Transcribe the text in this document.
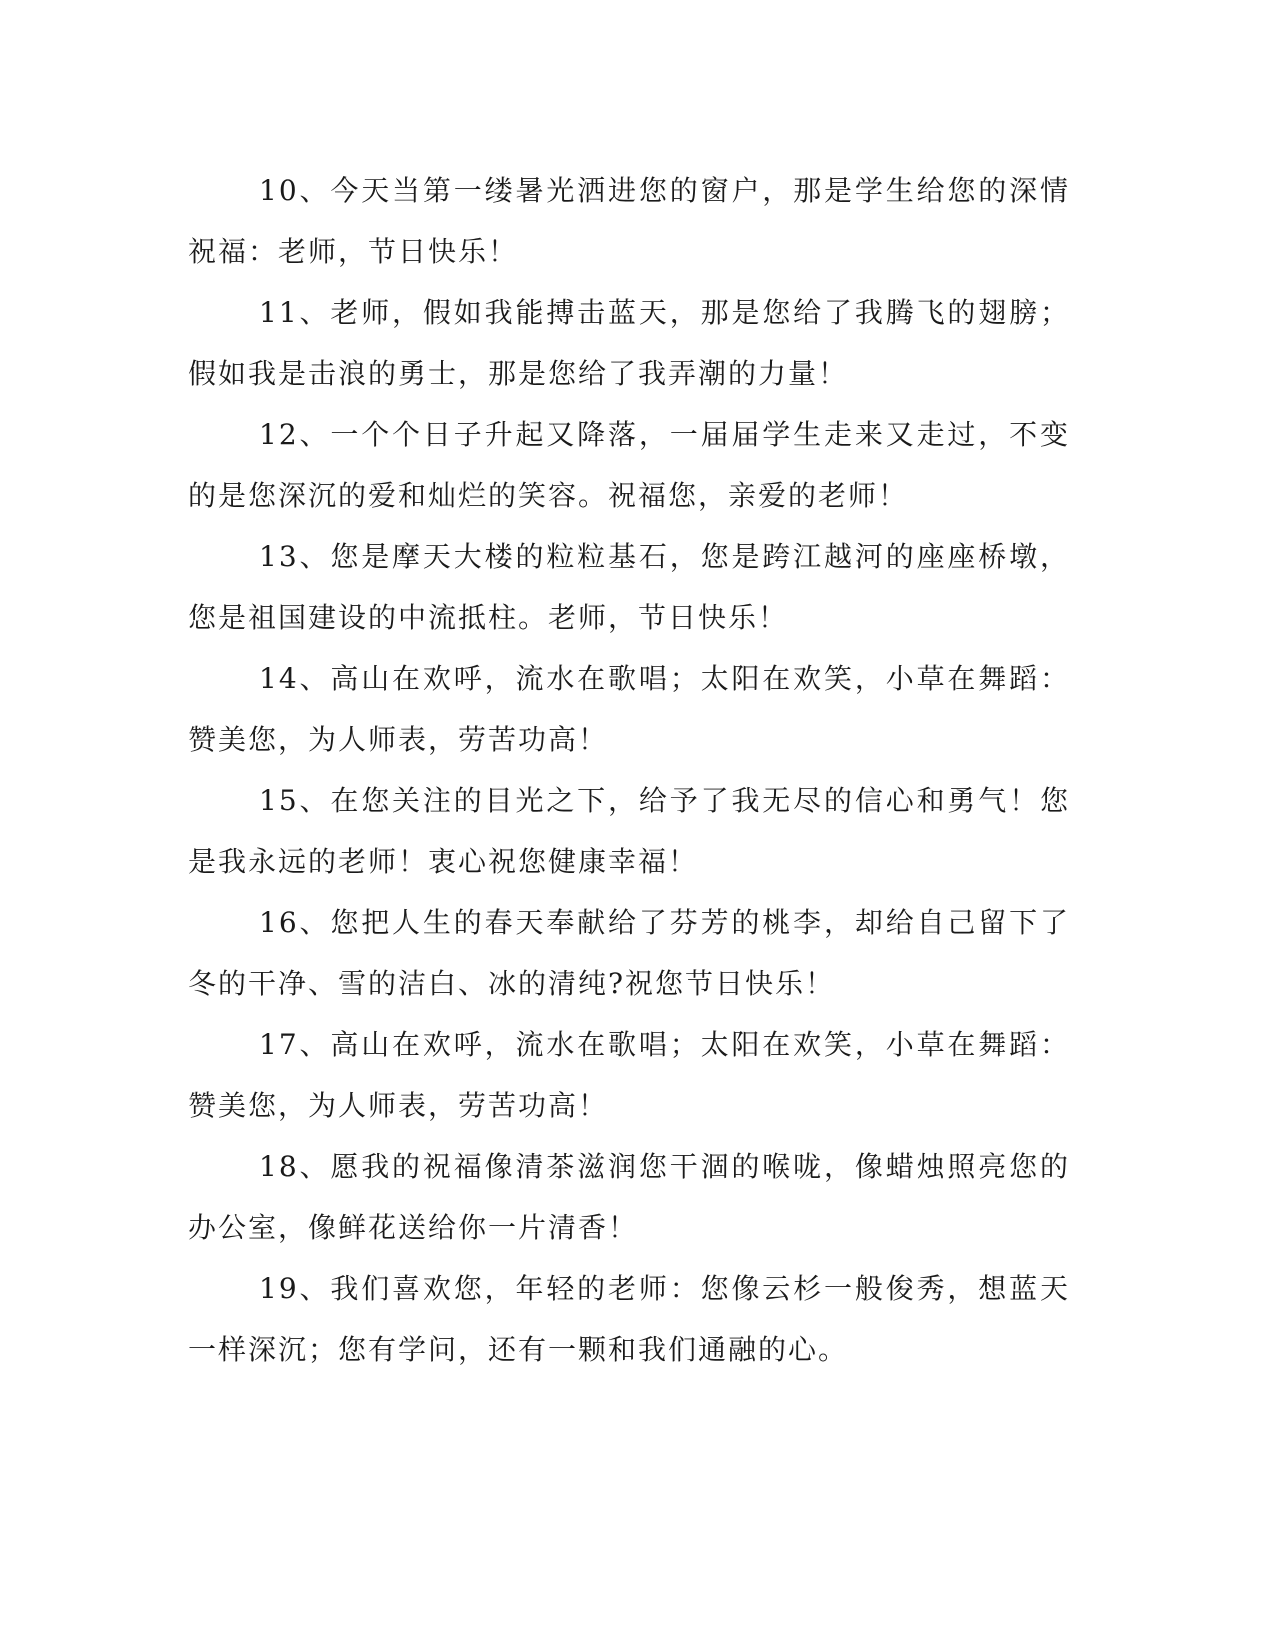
10、今天当第一缕暑光洒进您的窗户，那是学生给您的深情祝福：老师，节日快乐！

11、老师，假如我能搏击蓝天，那是您给了我腾飞的翅膀；假如我是击浪的勇士，那是您给了我弄潮的力量！

12、一个个日子升起又降落，一届届学生走来又走过，不变的是您深沉的爱和灿烂的笑容。祝福您，亲爱的老师！

13、您是摩天大楼的粒粒基石，您是跨江越河的座座桥墩，您是祖国建设的中流抵柱。老师，节日快乐！

14、高山在欢呼，流水在歌唱；太阳在欢笑，小草在舞蹈：赞美您，为人师表，劳苦功高！

15、在您关注的目光之下，给予了我无尽的信心和勇气！您是我永远的老师！衷心祝您健康幸福！

16、您把人生的春天奉献给了芬芳的桃李，却给自己留下了冬的干净、雪的洁白、冰的清纯?祝您节日快乐！

17、高山在欢呼，流水在歌唱；太阳在欢笑，小草在舞蹈：赞美您，为人师表，劳苦功高！

18、愿我的祝福像清茶滋润您干涸的喉咙，像蜡烛照亮您的办公室，像鲜花送给你一片清香！

19、我们喜欢您，年轻的老师：您像云杉一般俊秀，想蓝天一样深沉；您有学问，还有一颗和我们通融的心。
